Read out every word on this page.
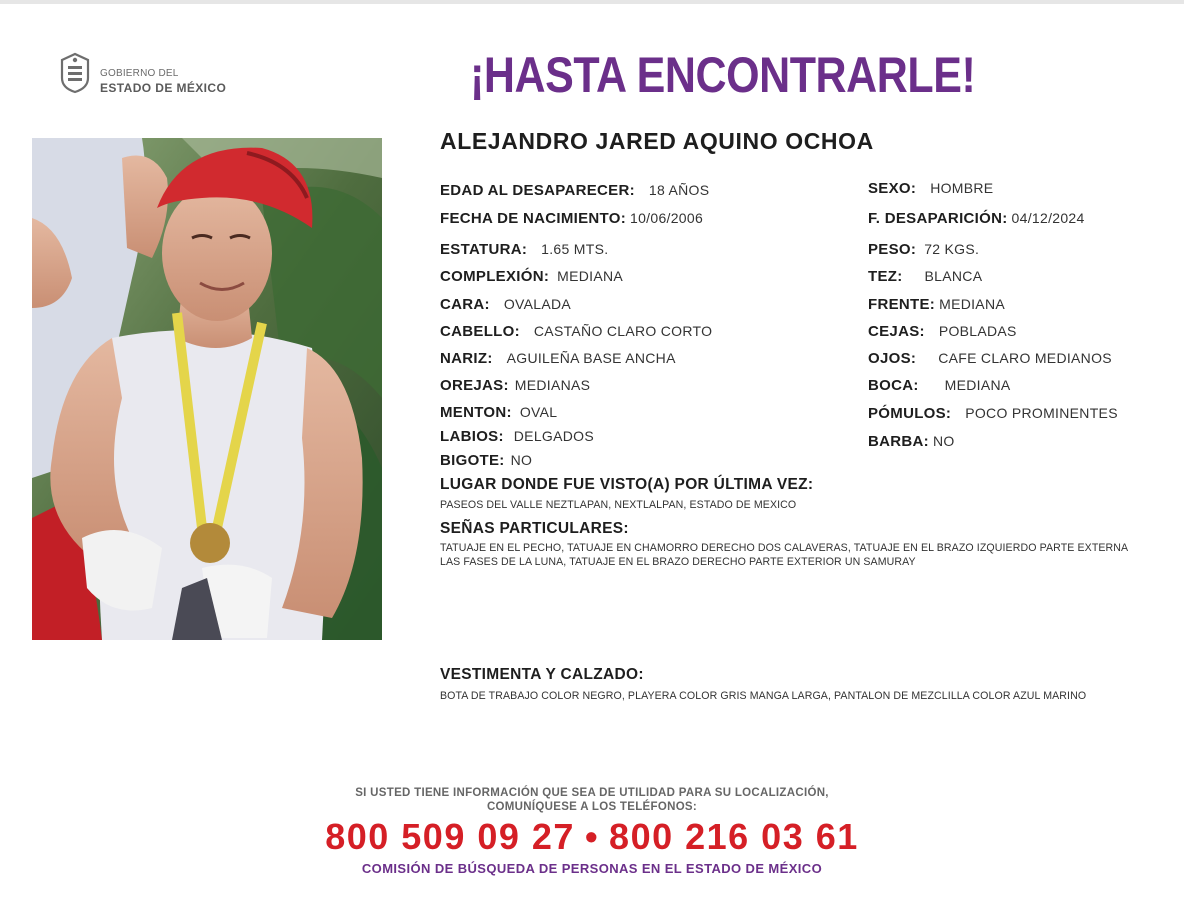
GOBIERNO DEL
ESTADO DE MÉXICO	¡HASTA ENCONTRARLE!
ALEJANDRO JARED AQUINO OCHOA
EDAD AL DESAPARECER: 18 AÑOS
FECHA DE NACIMIENTO: 10/06/2006
ESTATURA: 1.65 MTS.
COMPLEXIÓN: MEDIANA
CARA: OVALADA
CABELLO: CASTAÑO CLARO CORTO
NARIZ: AGUILEÑA BASE ANCHA
OREJAS: MEDIANAS
MENTON: OVAL
LABIOS: DELGADOS
BIGOTE: NO
SEXO: HOMBRE
F. DESAPARICIÓN: 04/12/2024
PESO: 72 KGS.
TEZ: BLANCA
FRENTE: MEDIANA
CEJAS: POBLADAS
OJOS: CAFE CLARO MEDIANOS
BOCA: MEDIANA
PÓMULOS: POCO PROMINENTES
BARBA: NO
LUGAR DONDE FUE VISTO(A) POR ÚLTIMA VEZ:
PASEOS DEL VALLE NEZTLAPAN, NEXTLALPAN, ESTADO DE MEXICO
SEÑAS PARTICULARES:
TATUAJE EN EL PECHO, TATUAJE EN CHAMORRO DERECHO DOS CALAVERAS, TATUAJE EN EL BRAZO IZQUIERDO PARTE EXTERNA LAS FASES DE LA LUNA, TATUAJE EN EL BRAZO DERECHO PARTE EXTERIOR UN SAMURAY
VESTIMENTA Y CALZADO:
BOTA DE TRABAJO COLOR NEGRO, PLAYERA COLOR GRIS MANGA LARGA, PANTALON DE MEZCLILLA COLOR AZUL MARINO
SI USTED TIENE INFORMACIÓN QUE SEA DE UTILIDAD PARA SU LOCALIZACIÓN,
COMUNÍQUESE A LOS TELÉFONOS:
800 509 09 27 • 800 216 03 61
COMISIÓN DE BÚSQUEDA DE PERSONAS EN EL ESTADO DE MÉXICO
